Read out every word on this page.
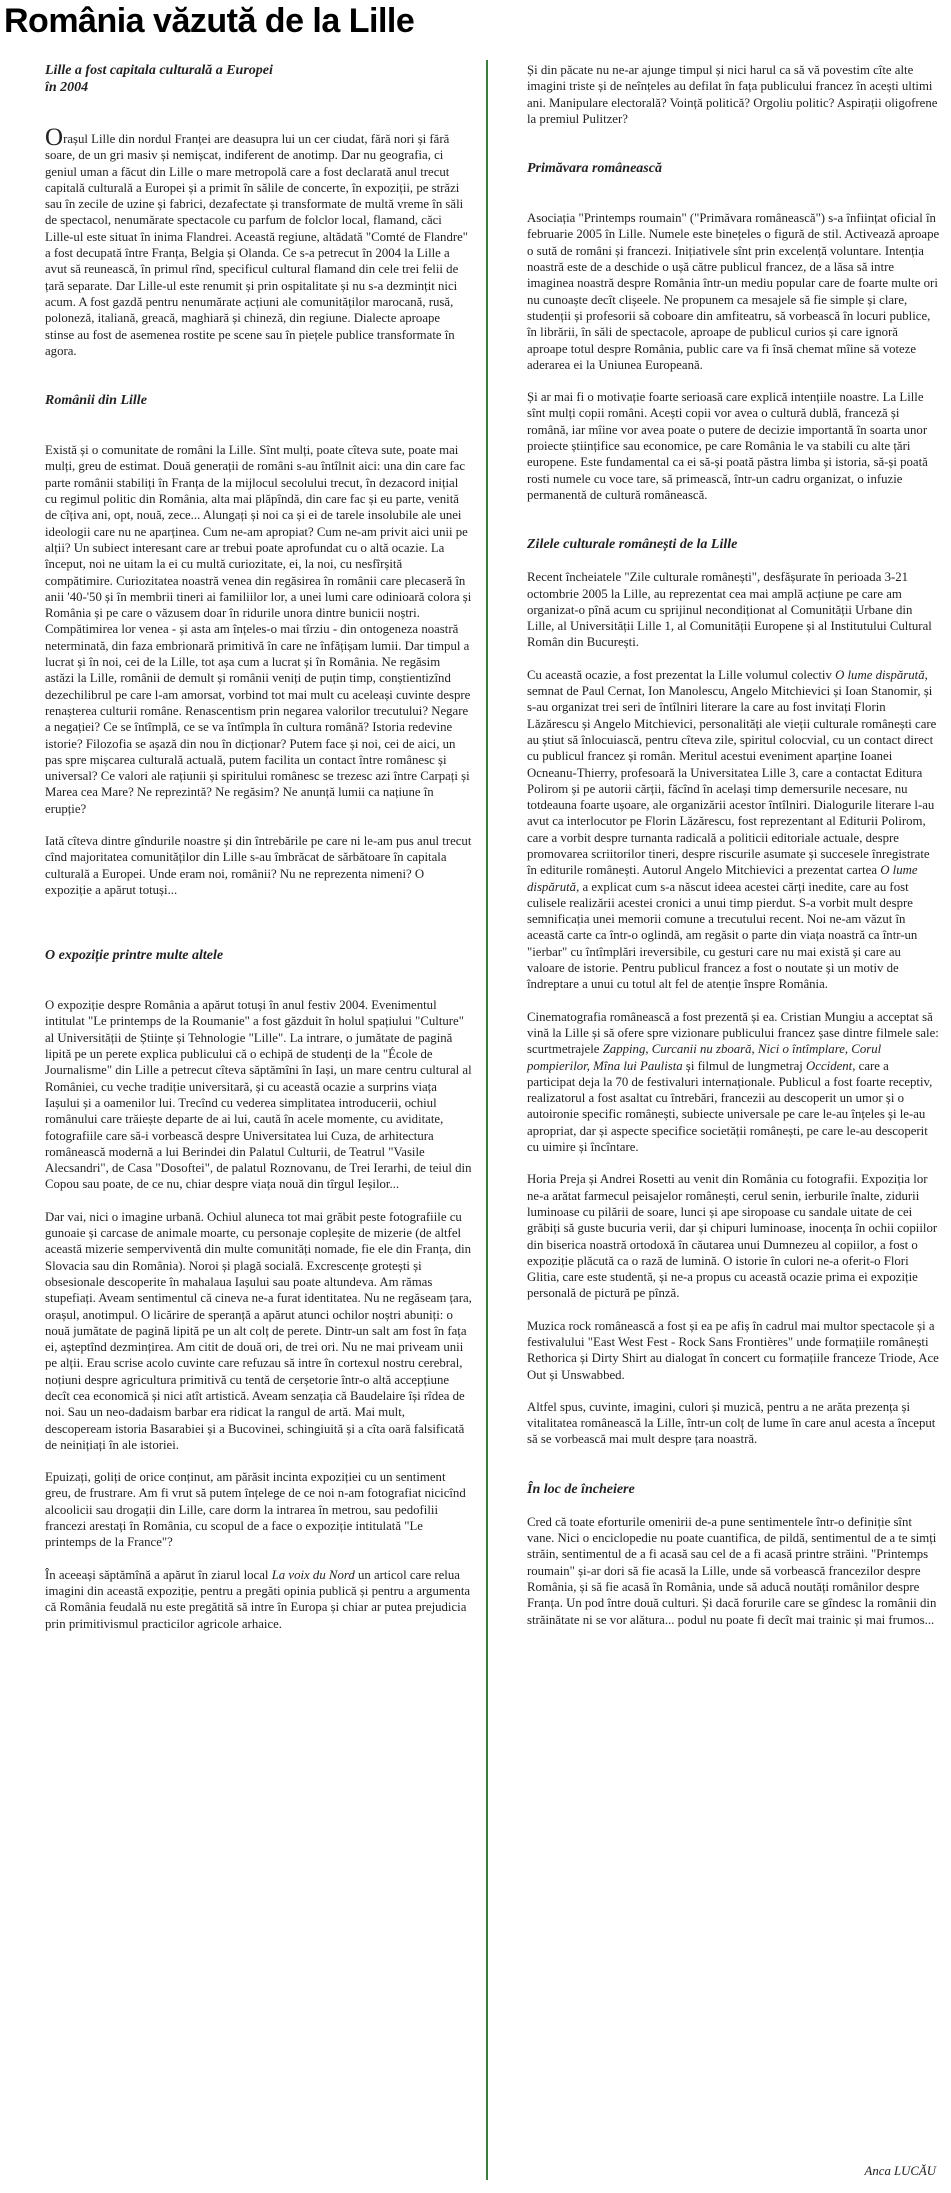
România văzută de la Lille

Lille a fost capitala culturală a Europei

în 2004

Orașul Lille din nordul Franței are deasupra lui un cer ciudat, fără nori și fără soare, de un gri masiv și nemișcat, indiferent de anotimp. Dar nu geografia, ci geniul uman a făcut din Lille o mare metropolă care a fost declarată anul trecut capitală culturală a Europei și a primit în sălile de concerte, în expoziții, pe străzi sau în zecile de uzine și fabrici, dezafectate și transformate de multă vreme în săli de spectacol, nenumărate spectacole cu parfum de folclor local, flamand, căci Lille-ul este situat în inima Flandrei. Această regiune, altădată "Comté de Flandre" a fost decupată între Franța, Belgia și Olanda. Ce s-a petrecut în 2004 la Lille a avut să reunească, în primul rînd, specificul cultural flamand din cele trei felii de țară separate. Dar Lille-ul este renumit și prin ospitalitate și nu s-a dezmințit nici acum. A fost gazdă pentru nenumărate acțiuni ale comunităților marocană, rusă, poloneză, italiană, greacă, maghiară și chineză, din regiune. Dialecte aproape stinse au fost de asemenea rostite pe scene sau în piețele publice transformate în agora.

Românii din Lille

Există și o comunitate de români la Lille. Sînt mulți, poate cîteva sute, poate mai mulți, greu de estimat. Două generații de români s-au întîlnit aici: una din care fac parte românii stabiliți în Franța de la mijlocul secolului trecut, în dezacord inițial cu regimul politic din România, alta mai plăpîndă, din care fac și eu parte, venită de cîțiva ani, opt, nouă, zece... Alungați și noi ca și ei de tarele insolubile ale unei ideologii care nu ne aparținea. Cum ne-am apropiat? Cum ne-am privit aici unii pe alții? Un subiect interesant care ar trebui poate aprofundat cu o altă ocazie. La început, noi ne uitam la ei cu multă curiozitate, ei, la noi, cu nesfîrșită compătimire. Curiozitatea noastră venea din regăsirea în românii care plecaseră în anii '40-'50 și în membrii tineri ai familiilor lor, a unei lumi care odinioară colora și România și pe care o văzusem doar în ridurile unora dintre bunicii noștri. Compătimirea lor venea - și asta am înțeles-o mai tîrziu - din ontogeneza noastră neterminată, din faza embrionară primitivă în care ne înfățișam lumii. Dar timpul a lucrat și în noi, cei de la Lille, tot așa cum a lucrat și în România. Ne regăsim astăzi la Lille, românii de demult și românii veniți de puțin timp, conștientizînd dezechilibrul pe care l-am amorsat, vorbind tot mai mult cu aceleași cuvinte despre renașterea culturii române. Renascentism prin negarea valorilor trecutului? Negare a negației? Ce se întîmplă, ce se va întîmpla în cultura română? Istoria redevine istorie? Filozofia se așază din nou în dicționar? Putem face și noi, cei de aici, un pas spre mișcarea culturală actuală, putem facilita un contact între românesc și universal? Ce valori ale rațiunii și spiritului românesc se trezesc azi între Carpați și Marea cea Mare? Ne reprezintă? Ne regăsim? Ne anunță lumii ca națiune în erupție?

Iată cîteva dintre gîndurile noastre și din întrebările pe care ni le-am pus anul trecut cînd majoritatea comunităților din Lille s-au îmbrăcat de sărbătoare în capitala culturală a Europei. Unde eram noi, românii? Nu ne reprezenta nimeni? O expoziție a apărut totuși...

O expoziție printre multe altele

O expoziție despre România a apărut totuși în anul festiv 2004. Evenimentul intitulat "Le printemps de la Roumanie" a fost găzduit în holul spațiului "Culture" al Universității de Științe și Tehnologie "Lille". La intrare, o jumătate de pagină lipită pe un perete explica publicului că o echipă de studenți de la "École de Journalisme" din Lille a petrecut cîteva săptămîni în Iași, un mare centru cultural al României, cu veche tradiție universitară, și cu această ocazie a surprins viața Iașului și a oamenilor lui. Trecînd cu vederea simplitatea introducerii, ochiul românului care trăiește departe de ai lui, caută în acele momente, cu aviditate, fotografiile care să-i vorbească despre Universitatea lui Cuza, de arhitectura românească modernă a lui Berindei din Palatul Culturii, de Teatrul "Vasile Alecsandri", de Casa "Dosoftei", de palatul Roznovanu, de Trei Ierarhi, de teiul din Copou sau poate, de ce nu, chiar despre viața nouă din tîrgul Ieșilor...

Dar vai, nici o imagine urbană. Ochiul aluneca tot mai grăbit peste fotografiile cu gunoaie și carcase de animale moarte, cu personaje copleșite de mizerie (de altfel această mizerie semperviventă din multe comunități nomade, fie ele din Franța, din Slovacia sau din România). Noroi și plagă socială. Excrescențe grotești și obsesionale descoperite în mahalaua Iașului sau poate altundeva. Am rămas stupefiați. Aveam sentimentul că cineva ne-a furat identitatea. Nu ne regăseam țara, orașul, anotimpul. O licărire de speranță a apărut atunci ochilor noștri abuniți: o nouă jumătate de pagină lipită pe un alt colț de perete. Dintr-un salt am fost în fața ei, așteptînd dezmințirea. Am citit de două ori, de trei ori. Nu ne mai priveam unii pe alții. Erau scrise acolo cuvinte care refuzau să intre în cortexul nostru cerebral, noțiuni despre agricultura primitivă cu tentă de cerșetorie într-o altă accepțiune decît cea economică și nici atît artistică. Aveam senzația că Baudelaire își rîdea de noi. Sau un neo-dadaism barbar era ridicat la rangul de artă. Mai mult, descopeream istoria Basarabiei și a Bucovinei, schingiuită și a cîta oară falsificată de neinițiați în ale istoriei.

Epuizați, goliți de orice conținut, am părăsit incinta expoziției cu un sentiment greu, de frustrare. Am fi vrut să putem înțelege de ce noi n-am fotografiat nicicînd alcoolicii sau drogații din Lille, care dorm la intrarea în metrou, sau pedofilii francezi arestați în România, cu scopul de a face o expoziție intitulată "Le printemps de la France"?

În aceeași săptămînă a apărut în ziarul local La voix du Nord un articol care relua imagini din această expoziție, pentru a pregăti opinia publică și pentru a argumenta că România feudală nu este pregătită să intre în Europa și chiar ar putea prejudicia prin primitivismul practicilor agricole arhaice.

Și din păcate nu ne-ar ajunge timpul și nici harul ca să vă povestim cîte alte imagini triste și de neînțeles au defilat în fața publicului francez în acești ultimi ani. Manipulare electorală? Voință politică? Orgoliu politic? Aspirații oligofrene la premiul Pulitzer?

Primăvara românească

Asociația "Printemps roumain" ("Primăvara românească") s-a înființat oficial în februarie 2005 în Lille. Numele este binețeles o figură de stil. Activează aproape o sută de români și francezi. Inițiativele sînt prin excelență voluntare. Intenția noastră este de a deschide o ușă către publicul francez, de a lăsa să intre imaginea noastră despre România într-un mediu popular care de foarte multe ori nu cunoaște decît clișeele. Ne propunem ca mesajele să fie simple și clare, studenții și profesorii să coboare din amfiteatru, să vorbească în locuri publice, în librării, în săli de spectacole, aproape de publicul curios și care ignoră aproape totul despre România, public care va fi însă chemat mîine să voteze aderarea ei la Uniunea Europeană.

Și ar mai fi o motivație foarte serioasă care explică intențiile noastre. La Lille sînt mulți copii români. Acești copii vor avea o cultură dublă, franceză și română, iar mîine vor avea poate o putere de decizie importantă în soarta unor proiecte științifice sau economice, pe care România le va stabili cu alte țări europene. Este fundamental ca ei să-și poată păstra limba și istoria, să-și poată rosti numele cu voce tare, să primească, într-un cadru organizat, o infuzie permanentă de cultură românească.

Zilele culturale românești de la Lille

Recent încheiatele "Zile culturale românești", desfășurate în perioada 3-21 octombrie 2005 la Lille, au reprezentat cea mai amplă acțiune pe care am organizat-o pînă acum cu sprijinul necondiționat al Comunității Urbane din Lille, al Universității Lille 1, al Comunității Europene și al Institutului Cultural Român din București.

Cu această ocazie, a fost prezentat la Lille volumul colectiv O lume dispărută, semnat de Paul Cernat, Ion Manolescu, Angelo Mitchievici și Ioan Stanomir, și s-au organizat trei seri de întîlniri literare la care au fost invitați Florin Lăzărescu și Angelo Mitchievici, personalități ale vieții culturale românești care au știut să înlocuiască, pentru cîteva zile, spiritul colocvial, cu un contact direct cu publicul francez și român. Meritul acestui eveniment aparține Ioanei Ocneanu-Thierry, profesoară la Universitatea Lille 3, care a contactat Editura Polirom și pe autorii cărții, făcînd în același timp demersurile necesare, nu totdeauna foarte ușoare, ale organizării acestor întîlniri. Dialogurile literare l-au avut ca interlocutor pe Florin Lăzărescu, fost reprezentant al Editurii Polirom, care a vorbit despre turnanta radicală a politicii editoriale actuale, despre promovarea scriitorilor tineri, despre riscurile asumate și succesele înregistrate în editurile românești. Autorul Angelo Mitchievici a prezentat cartea O lume dispărută, a explicat cum s-a născut ideea acestei cărți inedite, care au fost culisele realizării acestei cronici a unui timp pierdut. S-a vorbit mult despre semnificația unei memorii comune a trecutului recent. Noi ne-am văzut în această carte ca într-o oglindă, am regăsit o parte din viața noastră ca într-un "ierbar" cu întîmplări ireversibile, cu gesturi care nu mai există și care au valoare de istorie. Pentru publicul francez a fost o noutate și un motiv de îndreptare a unui cu totul alt fel de atenție înspre România.

Cinematografia românească a fost prezentă și ea. Cristian Mungiu a acceptat să vină la Lille și să ofere spre vizionare publicului francez șase dintre filmele sale: scurtmetrajele Zapping, Curcanii nu zboară, Nici o întîmplare, Corul pompierilor, Mîna lui Paulista și filmul de lungmetraj Occident, care a participat deja la 70 de festivaluri internaționale. Publicul a fost foarte receptiv, realizatorul a fost asaltat cu întrebări, francezii au descoperit un umor și o autoironie specific românești, subiecte universale pe care le-au înțeles și le-au apropriat, dar și aspecte specifice societății românești, pe care le-au descoperit cu uimire și încîntare.

Horia Preja și Andrei Rosetti au venit din România cu fotografii. Expoziția lor ne-a arătat farmecul peisajelor românești, cerul senin, ierburile înalte, zidurii luminoase cu pilării de soare, lunci și ape siropoase cu sandale uitate de cei grăbiți să guste bucuria verii, dar și chipuri luminoase, inocența în ochii copiilor din biserica noastră ortodoxă în căutarea unui Dumnezeu al copiilor, a fost o expoziție plăcută ca o rază de lumină. O istorie în culori ne-a oferit-o Flori Glitia, care este studentă, și ne-a propus cu această ocazie prima ei expoziție personală de pictură pe pînză.

Muzica rock românească a fost și ea pe afiș în cadrul mai multor spectacole și a festivalului "East West Fest - Rock Sans Frontières" unde formațiile românești Rethorica și Dirty Shirt au dialogat în concert cu formațiile franceze Triode, Ace Out și Unswabbed.

Altfel spus, cuvinte, imagini, culori și muzică, pentru a ne arăta prezența și vitalitatea românească la Lille, într-un colț de lume în care anul acesta a început să se vorbească mai mult despre țara noastră.

În loc de încheiere

Cred că toate eforturile omenirii de-a pune sentimentele într-o definiție sînt vane. Nici o enciclopedie nu poate cuantifica, de pildă, sentimentul de a te simți străin, sentimentul de a fi acasă sau cel de a fi acasă printre străini. "Printemps roumain" și-ar dori să fie acasă la Lille, unde să vorbească francezilor despre România, și să fie acasă în România, unde să aducă noutăți românilor despre Franța. Un pod între două culturi. Și dacă forurile care se gîndesc la românii din străinătate ni se vor alătura... podul nu poate fi decît mai trainic și mai frumos...

Anca LUCĂU
